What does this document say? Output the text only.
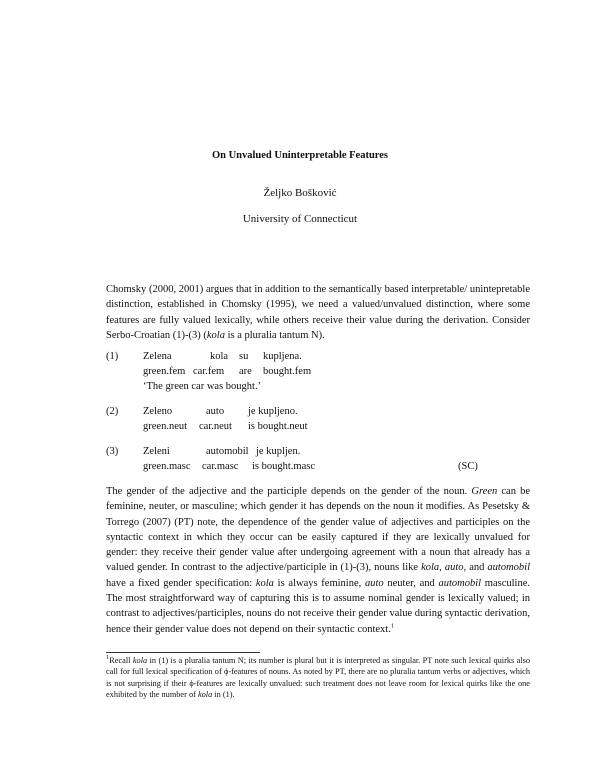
On Unvalued Uninterpretable Features
Željko Bošković
University of Connecticut

Chomsky (2000, 2001) argues that in addition to the semantically based interpretable/ unintepretable distinction, established in Chomsky (1995), we need a valued/unvalued distinction, where some features are fully valued lexically, while others receive their value during the derivation. Consider Serbo-Croatian (1)-(3) (kola is a pluralia tantum N).

(1) Zelena	kola su kupljena.
green.fem car.fem are bought.fem
‘The green car was bought.’
(2) Zeleno	auto je kupljeno.
green.neut car.neut is bought.neut
(3) Zeleni	automobil je kupljen.
green.masc car.masc is bought.masc	(SC)

The gender of the adjective and the participle depends on the gender of the noun. Green can be feminine, neuter, or masculine; which gender it has depends on the noun it modifies. As Pesetsky & Torrego (2007) (PT) note, the dependence of the gender value of adjectives and participles on the syntactic context in which they occur can be easily captured if they are lexically unvalued for gender: they receive their gender value after undergoing agreement with a noun that already has a valued gender. In contrast to the adjective/participle in (1)-(3), nouns like kola, auto, and automobil have a fixed gender specification: kola is always feminine, auto neuter, and automobil masculine. The most straightforward way of capturing this is to assume nominal gender is lexically valued; in contrast to adjectives/participles, nouns do not receive their gender value during syntactic derivation, hence their gender value does not depend on their syntactic context.$^1$

$^1$Recall kola in (1) is a pluralia tantum N; its number is plural but it is interpreted as singular. PT note such lexical quirks also call for full lexical specification of ϕ-features of nouns. As noted by PT, there are no pluralia tantum verbs or adjectives, which is not surprising if their ϕ-features are lexically unvalued: such treatment does not leave room for lexical quirks like the one exhibited by the number of kola in (1).
